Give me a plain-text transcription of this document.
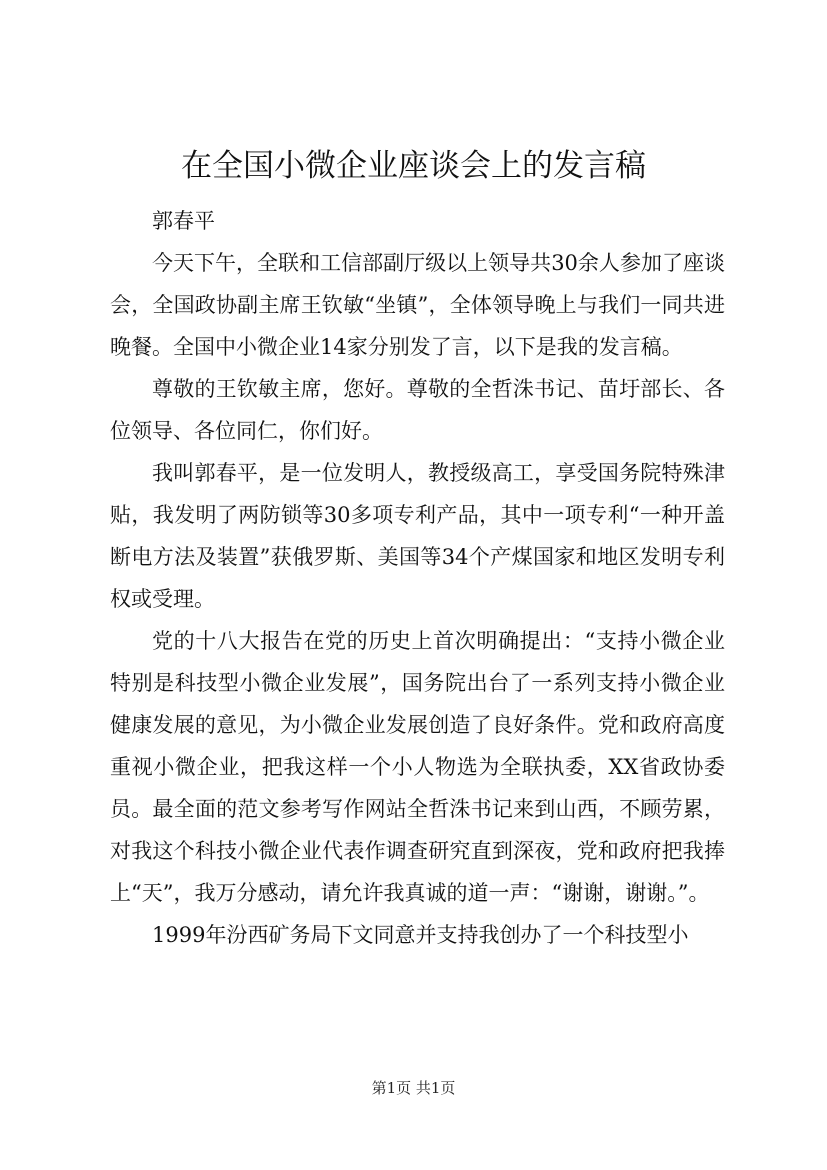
在全国小微企业座谈会上的发言稿

郭春平

今天下午，全联和工信部副厅级以上领导共30余人参加了座谈会，全国政协副主席王钦敏“坐镇”，全体领导晚上与我们一同共进晚餐。全国中小微企业14家分别发了言，以下是我的发言稿。

尊敬的王钦敏主席，您好。尊敬的全哲洙书记、苗圩部长、各位领导、各位同仁，你们好。

我叫郭春平，是一位发明人，教授级高工，享受国务院特殊津贴，我发明了两防锁等30多项专利产品，其中一项专利“一种开盖断电方法及装置”获俄罗斯、美国等34个产煤国家和地区发明专利权或受理。

党的十八大报告在党的历史上首次明确提出：“支持小微企业特别是科技型小微企业发展”，国务院出台了一系列支持小微企业健康发展的意见，为小微企业发展创造了良好条件。党和政府高度重视小微企业，把我这样一个小人物选为全联执委，XX省政协委员。最全面的范文参考写作网站全哲洙书记来到山西，不顾劳累，对我这个科技小微企业代表作调查研究直到深夜，党和政府把我捧上“天”，我万分感动，请允许我真诚的道一声：“谢谢，谢谢。”。

1999年汾西矿务局下文同意并支持我创办了一个科技型小

第1页 共1页
